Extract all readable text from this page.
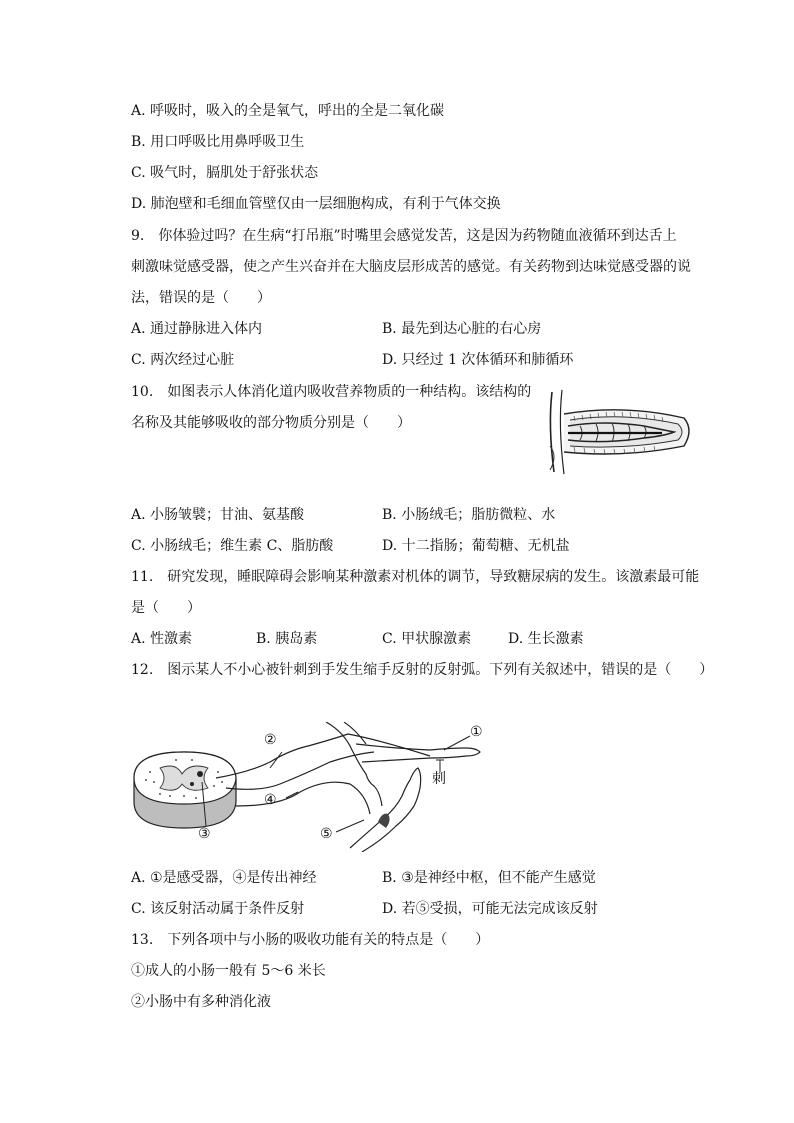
A. 呼吸时，吸入的全是氧气，呼出的全是二氧化碳
B. 用口呼吸比用鼻呼吸卫生
C. 吸气时，膈肌处于舒张状态
D. 肺泡壁和毛细血管壁仅由一层细胞构成，有利于气体交换
9.　你体验过吗？在生病“打吊瓶”时嘴里会感觉发苦，这是因为药物随血液循环到达舌上
刺激味觉感受器，使之产生兴奋并在大脑皮层形成苦的感觉。有关药物到达味觉感受器的说
法，错误的是（　　）
A. 通过静脉进入体内	B. 最先到达心脏的右心房
C. 两次经过心脏	D. 只经过 1 次体循环和肺循环
10.　如图表示人体消化道内吸收营养物质的一种结构。该结构的
名称及其能够吸收的部分物质分别是（　　）
A. 小肠皱襞；甘油、氨基酸	B. 小肠绒毛；脂肪微粒、水
C. 小肠绒毛；维生素 C、脂肪酸	D. 十二指肠；葡萄糖、无机盐
11.　研究发现，睡眠障碍会影响某种激素对机体的调节，导致糖尿病的发生。该激素最可能
是（　　）
A. 性激素	B. 胰岛素	C. 甲状腺激素	D. 生长激素
12.　图示某人不小心被针刺到手发生缩手反射的反射弧。下列有关叙述中，错误的是（　　）
②	①
刺
④
③	⑤
A. ①是感受器，④是传出神经	B. ③是神经中枢，但不能产生感觉
C. 该反射活动属于条件反射	D. 若⑤受损，可能无法完成该反射
13.　下列各项中与小肠的吸收功能有关的特点是（　　）
①成人的小肠一般有 5～6 米长
②小肠中有多种消化液
